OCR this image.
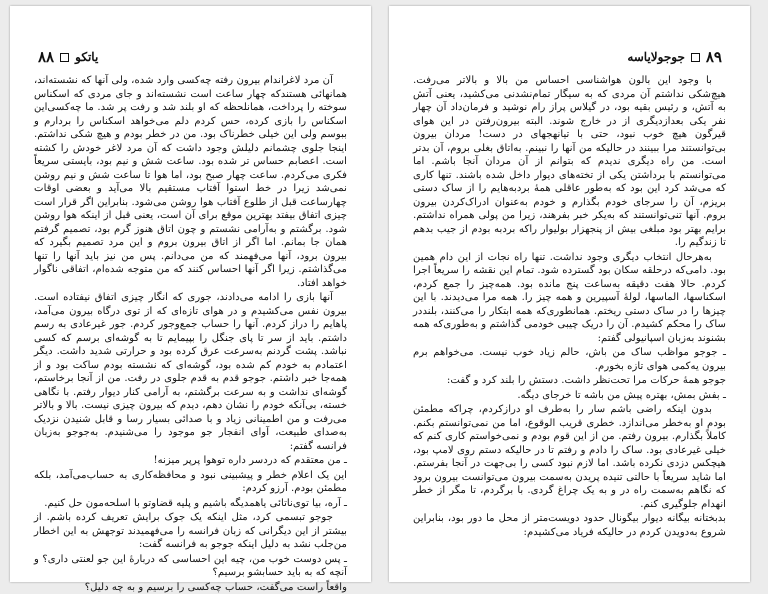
٨٨ یاتکو

آن مرد لاغراندام بیرون رفته چه‌کسی وارد شده، ولی آنها که نشسته‌اند، همانهائی هستندکه چهار ساعت است نشسته‌اند و جای مردی که اسکناس سوخته را پرداخت، همانلحظه که او بلند شد و رفت پر شد. ما چه‌کسی‌این اسکناس را بازی کرده، حس کردم دلم می‌خواهد اسکناس را بردارم و ببوسم ولی این خیلی خطرناک بود. من در خطر بودم و هیچ شکی نداشتم. اینجا جلوی چشمانم دلیلش وجود داشت که آن مرد لاغر خودش را کشته است. اعصابم حساس تر شده بود. ساعت شش و نیم بود، بایستی سریعاً فکری می‌کردم. ساعت چهار صبح بود، اما هوا تا ساعت شش و نیم روشن نمی‌شد زیرا در خط استوا آفتاب مستقیم بالا می‌آید و بعضی اوقات چهارساعت قبل از طلوع آفتاب هوا روشن می‌شود. بنابراین اگر قرار است چیزی اتفاق بیفتد بهترین موقع برای آن است، یعنی قبل از اینکه هوا روشن شود. برگشتم و به‌آرامی نشستم و چون اتاق هنوز گرم بود، تصمیم گرفتم همان جا بمانم. اما اگر از اتاق بیرون بروم و این مرد تصمیم بگیرد که بیرون برود، آنها می‌فهمند که من می‌دانم. پس من نیز باید آنها را تنها می‌گذاشتم. زیرا اگر آنها احساس کنند که من متوجه شده‌ام، اتفاقی ناگوار خواهد افتاد.

آنها بازی را ادامه می‌دادند، جوری که انگار چیزی اتفاق نیفتاده است. بیرون نفس می‌کشیدم و در هوای تازه‌ای که از توی درگاه بیرون می‌آمد، پاهایم را دراز کردم. آنها را حساب جمع‌وجور کردم. جور غیرعادی به رسم داشتم. باید از سر تا پای جنگل را بپیمایم تا به گوشه‌ای برسم که کسی نباشد. پشت گردنم به‌سرعت عرق کرده بود و حرارتی شدید داشت. دیگر اعتمادم به خودم کم شده بود، گوشه‌ای که نشسته بودم ساکت بود و از همه‌جا خبر داشتم. جوجو قدم به قدم جلوی در رفت. من از آنجا برخاستم، گوشه‌ای نداشت و به سرعت برگشتم، به آرامی کنار دیوار رفتم. با نگاهی خسته، بی‌آنکه خودم را نشان دهم، دیدم که بیرون چیزی نیست. بالا و بالاتر می‌رفت و من اطمینانی زیاد و با صدائی بسیار رسا و قابل شنیدن نزدیک به‌صدای طبیعت، آوای انفجار جو موجود را می‌شنیدم. به‌جوجو به‌زبان فرانسه گفتم:

ـ من معتقدم که دردسر داره توهوا پرپر میزنه!

این یک اعلام خطر و پیشبینی نبود و محافظه‌کاری به حساب‌می‌آمد، بلکه مطمئن بودم. آرزو کردم:

ـ آره، بیا توی‌ناتائی یاهمدیگه باشیم و پلیه قضاوتو با اسلحه‌مون حل کنیم.

جوجو تبسمی کرد، مثل اینکه یک جوک برایش تعریف کرده باشم. از بیشتر از این دیگرانی که زبان فرانسه را می‌فهمیدند توجهش به این اخطار من‌جلب نشد به دلیل اینکه جوجو به فرانسه گفت:

ـ پس دوست خوب من، چیه این احساسی که دربارهٔ این جو لعنتی داری؟ و آنچه که به باید حسابشو برسیم؟

واقعاً راست می‌گفت، حساب چه‌کسی را برسیم و به چه دلیل؟

٨٩
جوجولایاسه

با وجود این بالون هواشناسی احساس من بالا و بالاتر می‌رفت. هیچ‌شکی نداشتم آن مردی که به سیگار تمام‌نشدنی می‌کشید، یعنی آتش به آتش، و رئیس بقیه بود، در گیلاس پراز رام نوشید و فرمان‌داد آن چهار نفر یکی بعدازدیگری از در خارج شوند. البته بیرون‌رفتن در این هوای قیرگون هیچ خوب نبود، حتی با تیانهجهای در دست! مردان بیرون بی‌توانستند مرا ببینند در حالیکه من آنها را نبینم. به‌اتاق بغلی بروم، آن بدتر است. من راه دیگری ندیدم که بتوانم از آن مردان آنجا باشم. اما می‌توانستم با برداشتن یکی از تخته‌های دیوار داخل شده باشند. تنها کاری که می‌شد کرد این بود که به‌طور عاقلی همهٔ بردبه‌هایم را از ساک دستی بریزم، آن را سرجای خودم بگذارم و خودم به‌عنوان ادراک‌کردن بیرون بروم. آنها تنی‌توانستند که به‌یکر خبر بفرهند، زیرا من پولی همراه نداشتم. برایم بهتر بود مبلغی بیش از پنجهزار بولیوار راکه بردبه بودم از جیب بدهم تا زندگیم را.

به‌هرحال انتخاب دیگری وجود نداشت. تنها راه نجات از این دام همین بود. دامی‌که درحلقه سکان بود گسترده شود. تمام این نقشه را سریعاً اجرا کردم. حالا هفت دقیقه به‌ساعت پنج مانده بود. همه‌چیز را جمع کردم، اسکناسها، الماسها، لولهٔ آسپیرین و همه چیز را. همه مرا می‌دیدند. با این چیزها را در ساک دستی ریختم. همانطوری‌که همه ابتکار را می‌کنند، بلند‌در ساک را محکم کشیدم. آن را دریک چیبی خودمی گذاشتم و به‌طوری‌که همه بشنوند به‌زبان اسپانیولی گفتم:

ـ جوجو مواظب ساک من باش، حالم زیاد خوب نیست. می‌خواهم برم بیرون یه‌کمی هوای تازه بخورم.

جوجو همهٔ حرکات مرا تحت‌نظر داشت. دستش را بلند کرد و گفت:

ـ بفش بمش، بهتره پیش من باشه تا خرجای دیگه.

بدون اینکه راضی باشم سار را به‌طرف او درازکردم، چراکه مطمئن بودم او به‌خطر می‌اندازد. خطری قریب الوقوع، اما من نمی‌توانستم بکنم. کاملاً بگذارم. بیرون رفتم. من از این قوم بودم و نمی‌خواستم کاری کنم که خیلی غیرعادی بود. ساک را دادم و رفتم تا در حالیکه دستم روی لامپ بود، هیچکس دزدی نکرده باشد. اما لازم نبود کسی را بی‌جهت در آنجا بفرستم. اما شاید سریعاً با حالتی تنیده پریدن به‌سمت بیرون می‌توانست بیرون برود که نگاهم به‌سمت راه در و به یک چراغ گردی. با برگردم، تا مگر از خطر انهدام جلوگیری کنم.

بدبختانه بیگانه دیوار بیگونال حدود دویست‌متر از محل ما دور بود، بنابراین شروع به‌دویدن کردم در حالیکه فریاد می‌کشیدم:
